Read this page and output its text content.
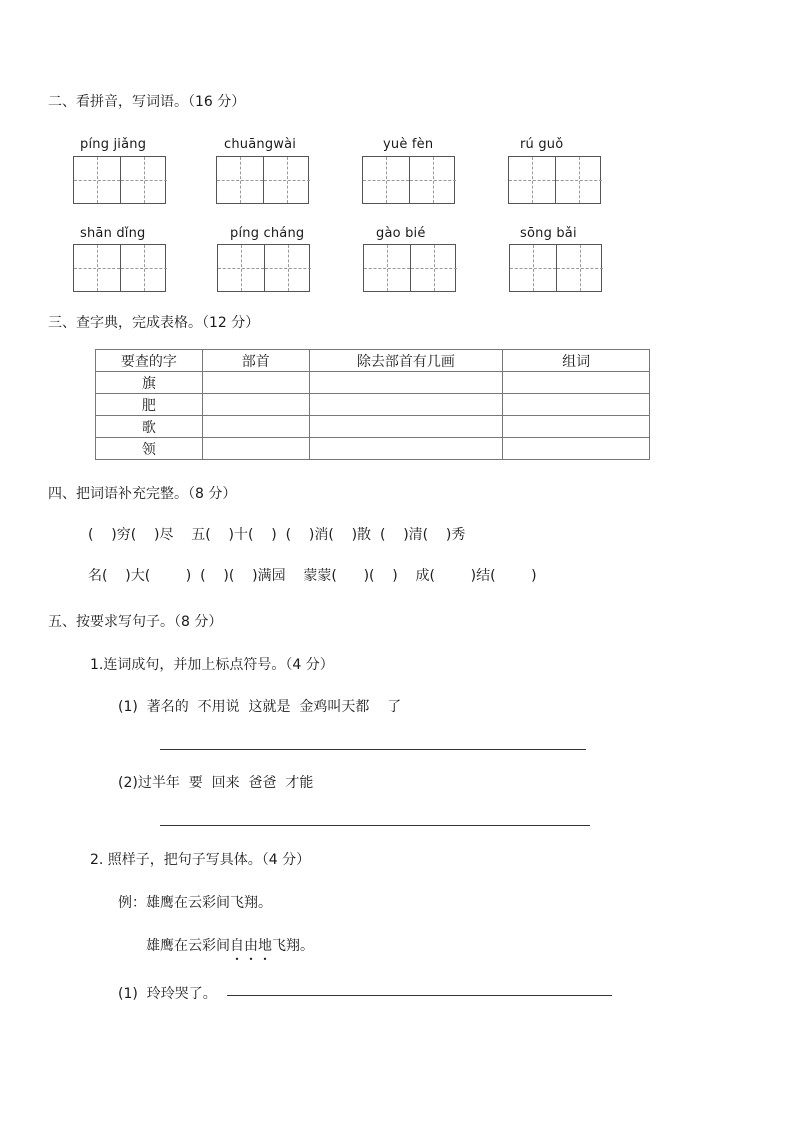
二、看拼音，写词语。（16 分）
píng jiǎng	chuāngwài	yuè fèn	rú guǒ
shān dǐng	píng cháng	gào bié	sōng bǎi
三、查字典，完成表格。（12 分）
要查的字	部首	除去部首有几画	组词
旗			
肥			
歌			
领			
四、把词语补充完整。（8 分）
(    )穷(    )尽    五(    )十(    )  (    )消(    )散  (    )清(    )秀
名(    )大(        )  (    )(    )满园    蒙蒙(      )(    )    成(        )结(        )
五、按要求写句子。（8 分）
1.连词成句，并加上标点符号。（4 分）
(1)  著名的  不用说  这就是  金鸡叫天都    了
(2)过半年  要  回来  爸爸  才能
2. 照样子，把句子写具体。（4 分）
例：雄鹰在云彩间飞翔。
雄鹰在云彩间自由地飞翔。
(1)  玲玲哭了。
